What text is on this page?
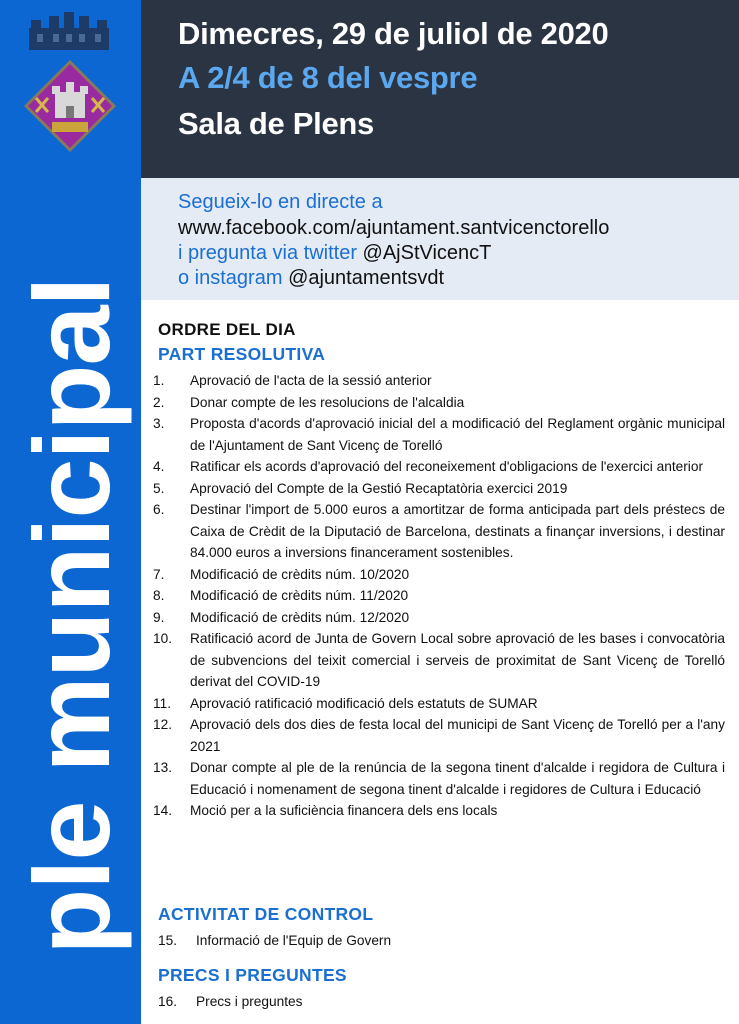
ple municipal
Dimecres, 29 de juliol de 2020
A 2/4 de 8 del vespre
Sala de Plens
Segueix-lo en directe a
www.facebook.com/ajuntament.santvicenctorello
i pregunta via twitter @AjStVicencT
o instagram @ajuntamentsvdt
ORDRE DEL DIA
PART RESOLUTIVA
1. Aprovació de l'acta de la sessió anterior
2. Donar compte de les resolucions de l'alcaldia
3. Proposta d'acords d'aprovació inicial del a modificació del Reglament orgànic municipal de l'Ajuntament de Sant Vicenç de Torelló
4. Ratificar els acords d'aprovació del reconeixement d'obligacions de l'exercici anterior
5. Aprovació del Compte de la Gestió Recaptatòria exercici 2019
6. Destinar l'import de 5.000 euros a amortitzar de forma anticipada part dels préstecs de Caixa de Crèdit de la Diputació de Barcelona, destinats a finançar inversions, i destinar 84.000 euros a inversions financerament sostenibles.
7. Modificació de crèdits núm. 10/2020
8. Modificació de crèdits núm. 11/2020
9. Modificació de crèdits núm. 12/2020
10. Ratificació acord de Junta de Govern Local sobre aprovació de les bases i convocatòria de subvencions del teixit comercial i serveis de proximitat de Sant Vicenç de Torelló derivat del COVID-19
11. Aprovació ratificació modificació dels estatuts de SUMAR
12. Aprovació dels dos dies de festa local del municipi de Sant Vicenç de Torelló per a l'any 2021
13. Donar compte al ple de la renúncia de la segona tinent d'alcalde i regidora de Cultura i Educació i nomenament de segona tinent d'alcalde i regidores de Cultura i Educació
14. Moció per a la suficiència financera dels ens locals
ACTIVITAT DE CONTROL
15. Informació de l'Equip de Govern
PRECS I PREGUNTES
16. Precs i preguntes
